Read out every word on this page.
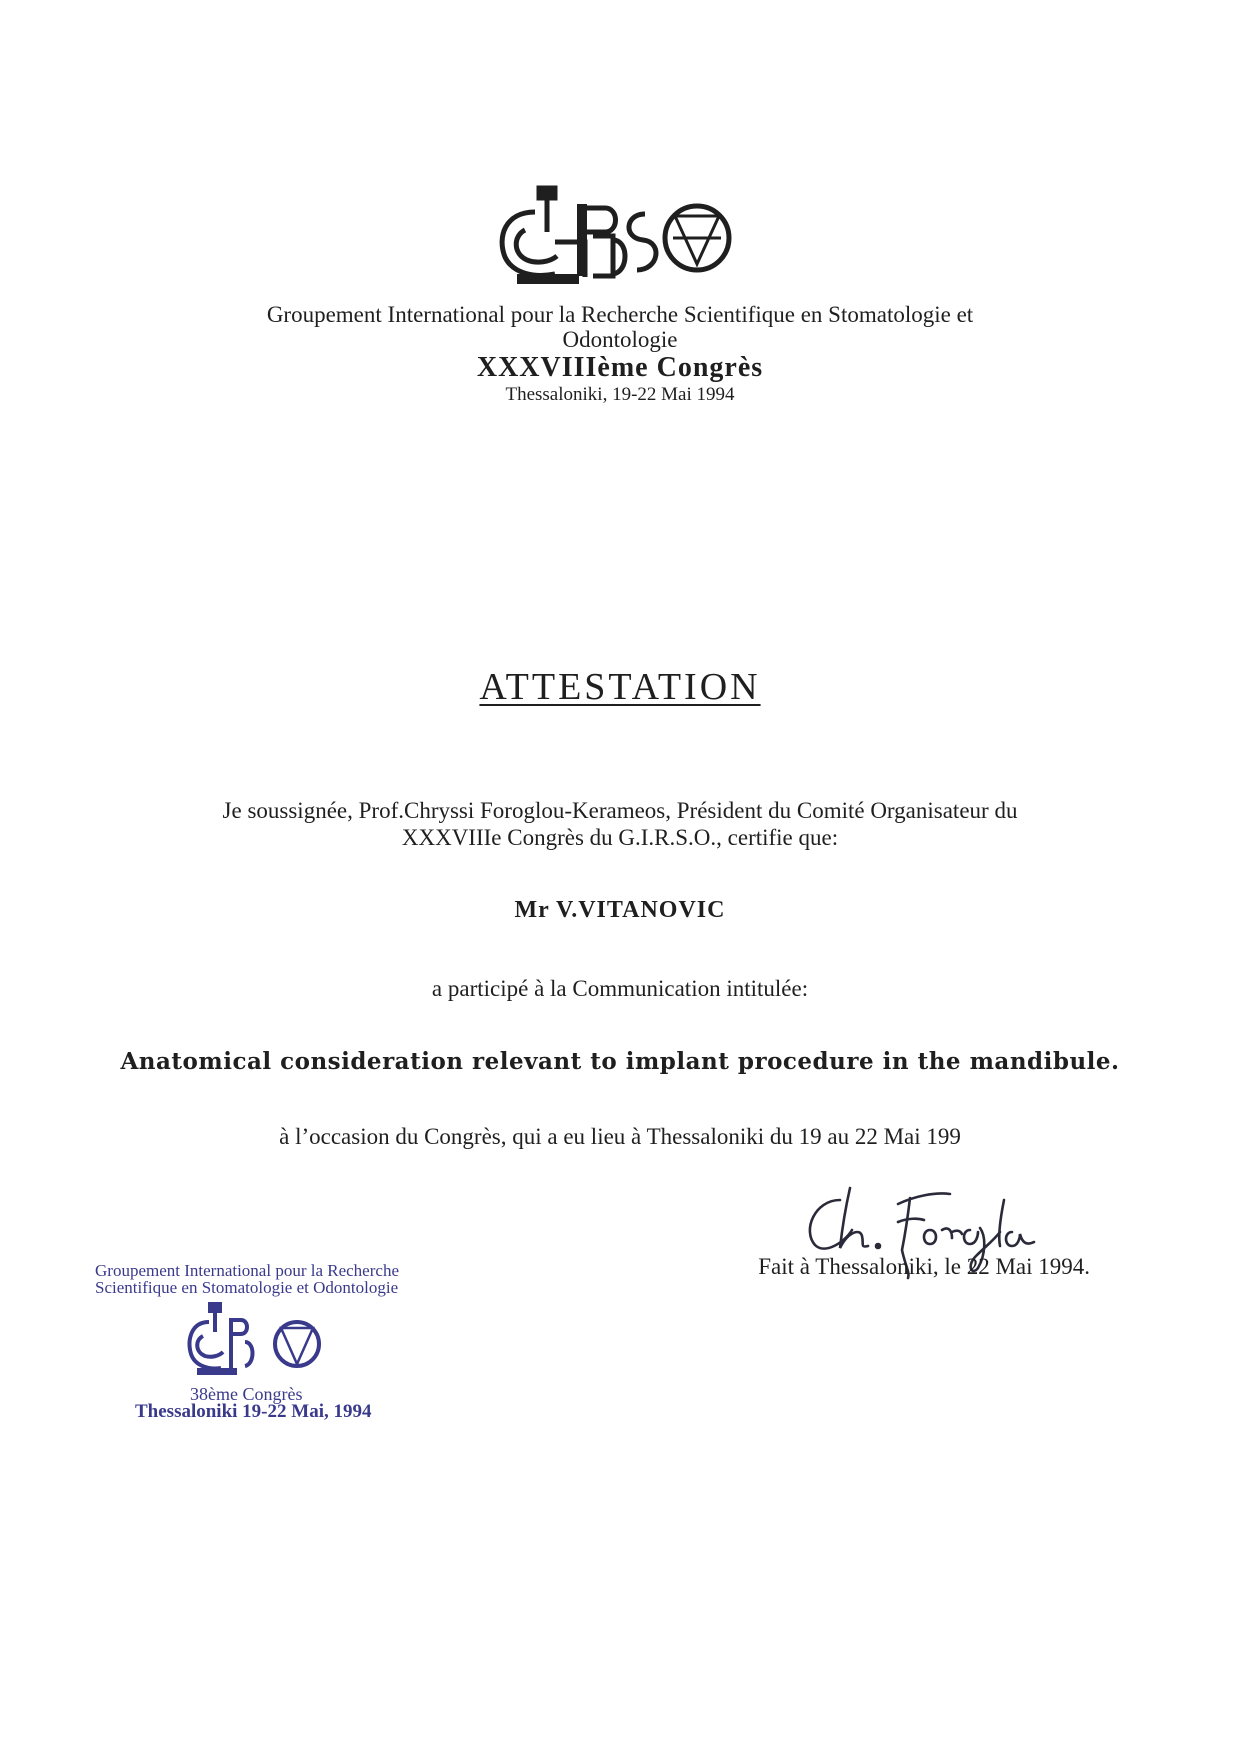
Groupement International pour la Recherche Scientifique en Stomatologie et
Odontologie

XXXVIIIème Congrès

Thessaloniki, 19-22 Mai 1994

ATTESTATION

Je soussignée, Prof.Chryssi Foroglou-Kerameos, Président du Comité Organisateur du
XXXVIIIe Congrès du G.I.R.S.O., certifie que:

Mr V.VITANOVIC

a participé à la Communication intitulée:

Anatomical consideration relevant to implant procedure in the mandibule.

à l’occasion du Congrès, qui a eu lieu à Thessaloniki du 19 au 22 Mai 199

Fait à Thessaloniki, le 22 Mai 1994.

Groupement International pour la Recherche

Scientifique en Stomatologie et Odontologie

38ème Congrès

Thessaloniki 19-22 Mai, 1994
